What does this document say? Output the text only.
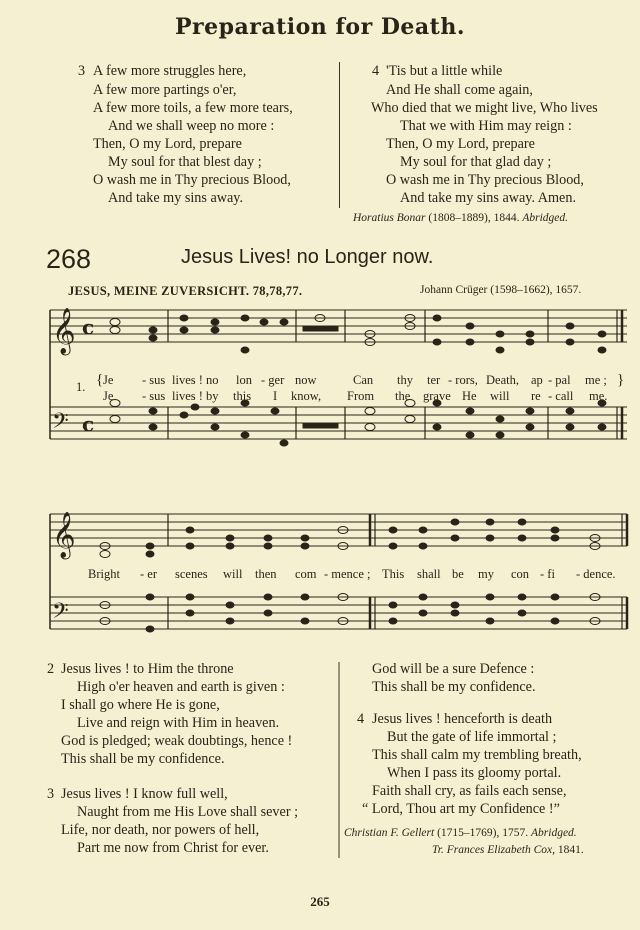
Preparation for Death.
3 A few more struggles here,
A few more partings o'er,
A few more toils, a few more tears,
And we shall weep no more :
Then, O my Lord, prepare
My soul for that blest day ;
O wash me in Thy precious Blood,
And take my sins away.
4 'Tis but a little while
And He shall come again,
Who died that we might live, Who lives
That we with Him may reign :
Then, O my Lord, prepare
My soul for that glad day ;
O wash me in Thy precious Blood,
And take my sins away. Amen.
Horatius Bonar (1808–1889), 1844. Abridged.
268	Jesus Lives! no Longer now.
JESUS, MEINE ZUVERSICHT. 78,78,77.	Johann Crüger (1598–1662), 1657.
𝄞
𝄢
𝄞
𝄢
c
c
1. {	}
Je - sus lives ! no lon - ger now	Can thy ter - rors, Death, ap - pal me ;
Je - sus lives ! by this I know, From the grave He will re - call me.
Bright - er scenes will then com - mence ; This shall be my con - fi - dence.
2 Jesus lives ! to Him the throne
High o'er heaven and earth is given :
I shall go where He is gone,
Live and reign with Him in heaven.
God is pledged; weak doubtings, hence !
This shall be my confidence.
3 Jesus lives ! I know full well,
Naught from me His Love shall sever ;
Life, nor death, nor powers of hell,
Part me now from Christ for ever.
God will be a sure Defence :
This shall be my confidence.
4 Jesus lives ! henceforth is death
But the gate of life immortal ;
This shall calm my trembling breath,
When I pass its gloomy portal.
Faith shall cry, as fails each sense,
“ Lord, Thou art my Confidence !”
Christian F. Gellert (1715–1769), 1757. Abridged.
Tr. Frances Elizabeth Cox, 1841.
265
